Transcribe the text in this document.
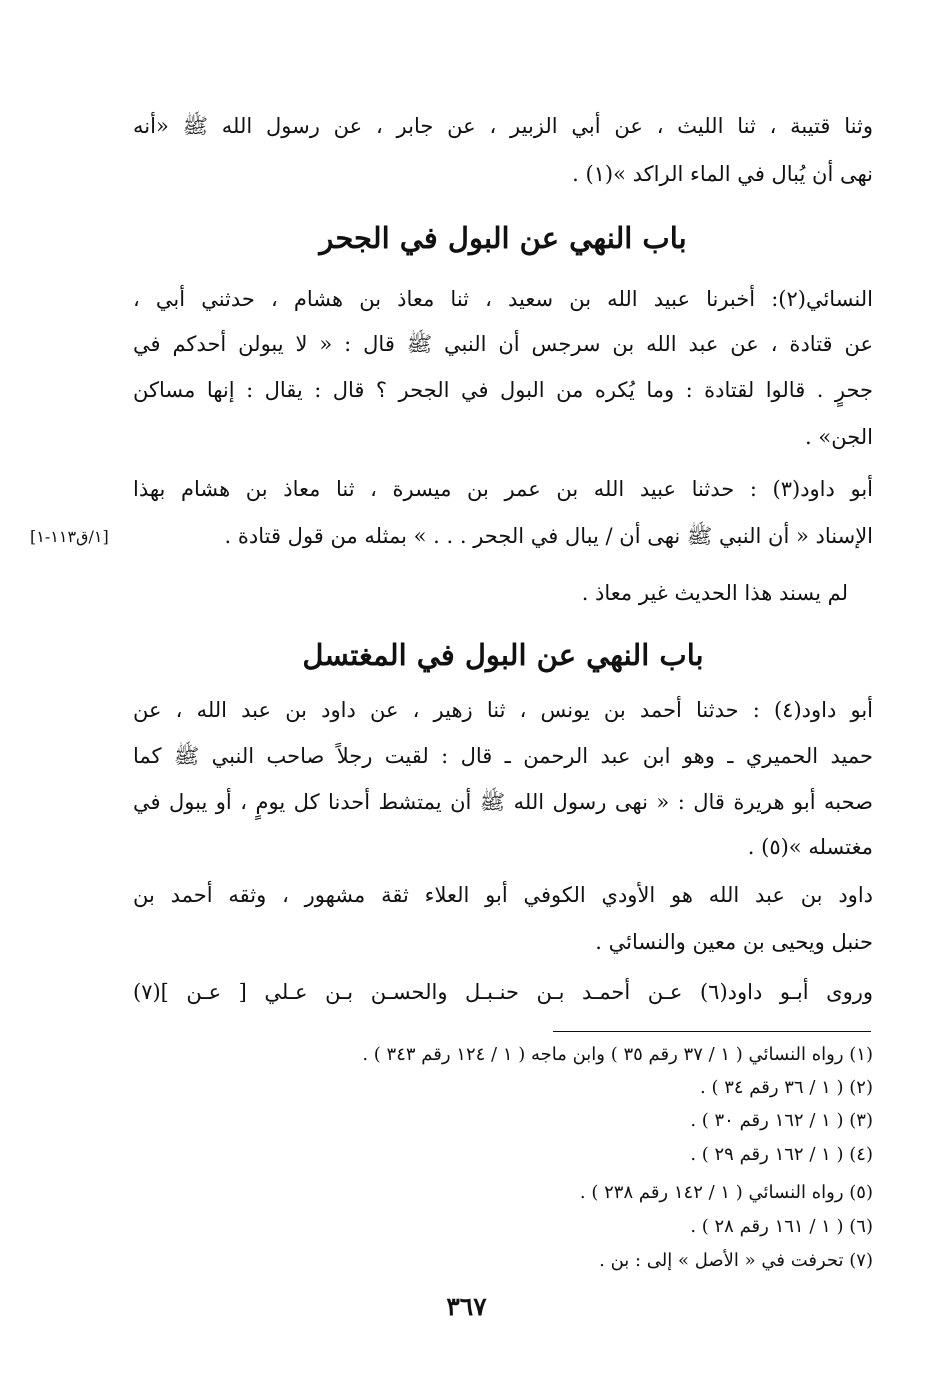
وثنا قتيبة ، ثنا الليث ، عن أبي الزبير ، عن جابر ، عن رسول الله ﷺ «أنه

نهى أن يُبال في الماء الراكد »(١) .

باب النهي عن البول في الجحر

النسائي(٢): أخبرنا عبيد الله بن سعيد ، ثنا معاذ بن هشام ، حدثني أبي ،

عن قتادة ، عن عبد الله بن سرجس أن النبي ﷺ قال : « لا يبولن أحدكم في

جحرٍ . قالوا لقتادة : وما يُكره من البول في الجحر ؟ قال : يقال : إنها مساكن

الجن» .

أبو داود(٣) : حدثنا عبيد الله بن عمر بن ميسرة ، ثنا معاذ بن هشام بهذا

الإسناد « أن النبي ﷺ نهى أن / يبال في الجحر . . . » بمثله من قول قتادة .

[١/ق١١٣-١]

لم يسند هذا الحديث غير معاذ .

باب النهي عن البول في المغتسل

أبو داود(٤) : حدثنا أحمد بن يونس ، ثنا زهير ، عن داود بن عبد الله ، عن

حميد الحميري ـ وهو ابن عبد الرحمن ـ قال : لقيت رجلاً صاحب النبي ﷺ كما

صحبه أبو هريرة قال : « نهى رسول الله ﷺ أن يمتشط أحدنا كل يومٍ ، أو يبول في

مغتسله »(٥) .

داود بن عبد الله هو الأودي الكوفي أبو العلاء ثقة مشهور ، وثقه أحمد بن

حنبل ويحيى بن معين والنسائي .

وروى أبـو داود(٦) عـن أحمـد بـن حنـبـل والحسـن بـن عـلي [ عـن ](٧)

(١) رواه النسائي ( ١ / ٣٧ رقم ٣٥ ) وابن ماجه ( ١ / ١٢٤ رقم ٣٤٣ ) .

(٢) ( ١ / ٣٦ رقم ٣٤ ) .

(٣) ( ١ / ١٦٢ رقم ٣٠ ) .

(٤) ( ١ / ١٦٢ رقم ٢٩ ) .

(٥) رواه النسائي ( ١ / ١٤٢ رقم ٢٣٨ ) .

(٦) ( ١ / ١٦١ رقم ٢٨ ) .

(٧) تحرفت في « الأصل » إلى : بن .

٣٦٧
